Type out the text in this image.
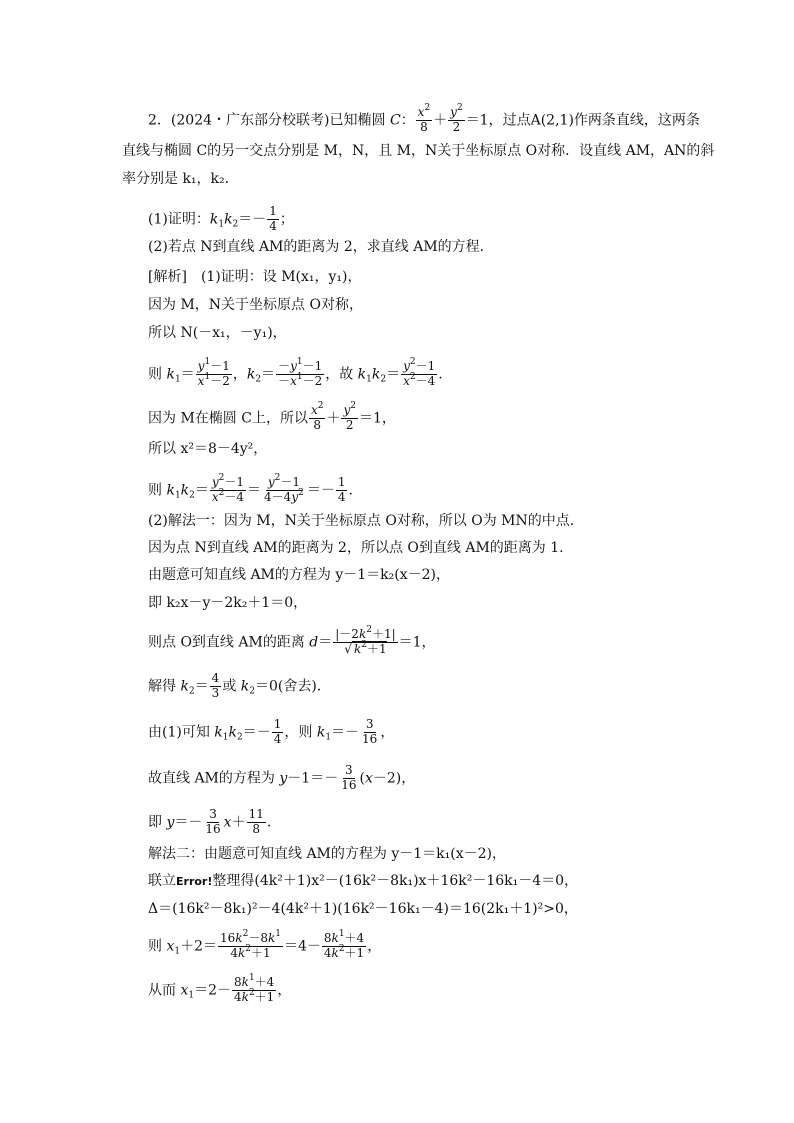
2．(2024・广东部分校联考)已知椭圆 C： $\frac{x^2}{8} + \frac{y^2}{2} =1$，过点A(2,1)作两条直线，这两条
直线与椭圆 C的另一交点分别是 M，N，且 M，N关于坐标原点 O对称．设直线 AM，AN的斜
率分别是 k₁，k₂.
(1)证明：$k_1k_2=- \frac{1}{4}$ ；
(2)若点 N到直线 AM的距离为 2，求直线 AM的方程．
[解析]　 (1)证明：设 M(x₁，y₁)，
因为 M，N关于坐标原点 O对称，
所以 N(－x₁，－y₁)，
则 $k_1= \frac{y^1-1}{x^1-2}$ ，$k_2= \frac{-y^1-1}{-x^1-2}$ ，故 $k_1k_2= \frac{y^2-1}{x^2-4}$ .
因为 M在椭圆 C上，所以 $\frac{x^2}{8} + \frac{y^2}{2} =1$，
所以 x²＝8－4y²，
则 $k_1k_2= \frac{y^2-1}{x^2-4} = \frac{y^2-1}{4-4y^2} =- \frac{1}{4}$ .
(2)解法一：因为 M，N关于坐标原点 O对称，所以 O为 MN的中点．
因为点 N到直线 AM的距离为 2，所以点 O到直线 AM的距离为 1.
由题意可知直线 AM的方程为 y－1＝k₂(x－2)，
即 k₂x－y－2k₂＋1＝0，
则点 O到直线 AM的距离 $d= \frac{|-2k^2+1|}{√ k^2+1} =1$，
解得 $k_2= \frac{4}{3}$ 或 $k_2=0$(舍去)．
由(1)可知 $k_1k_2=- \frac{1}{4}$ ，则 $k_1=- \frac{3}{16}$ ，
故直线 AM的方程为 $y-1=- \frac{3}{16} (x-2)$，
即 $y=- \frac{3}{16} x+ \frac{11}{8}$ .
解法二：由题意可知直线 AM的方程为 y－1＝k₁(x－2)，
联立Error!整理得(4k²＋1)x²－(16k²－8k₁)x＋16k²－16k₁－4＝0，
Δ＝(16k²－8k₁)²－4(4k²＋1)(16k²－16k₁－4)＝16(2k₁＋1)²>0，
则 $x_1+2= \frac{16k^2-8k^1}{4k^2+1} =4- \frac{8k^1+4}{4k^2+1}$ ，
从而 $x_1=2- \frac{8k^1+4}{4k^2+1}$ ，
